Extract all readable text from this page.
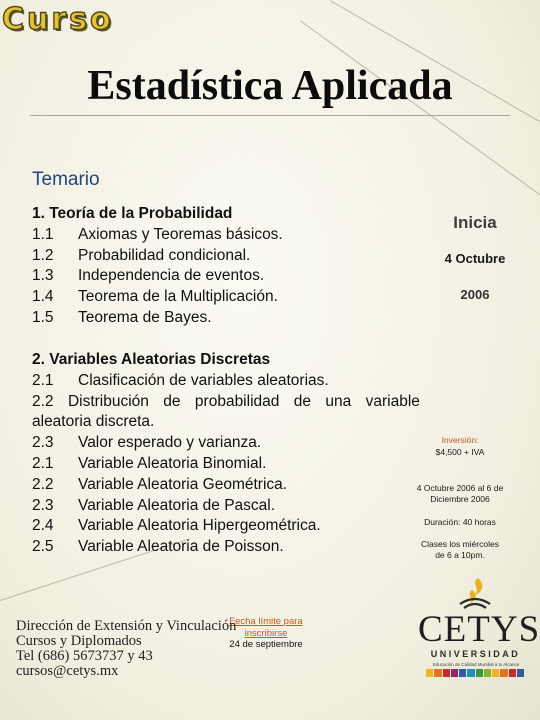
Curso
Estadística Aplicada
Temario
1. Teoría de la Probabilidad
1.1	Axiomas y Teoremas básicos.
1.2	Probabilidad condicional.
1.3	Independencia de eventos.
1.4	Teorema de la Multiplicación.
1.5	Teorema de Bayes.
2. Variables Aleatorias Discretas
2.1	Clasificación de variables aleatorias.
2.2 Distribución de probabilidad de una variable
aleatoria discreta.
2.3	Valor esperado y varianza.
2.1	Variable Aleatoria Binomial.
2.2	Variable Aleatoria Geométrica.
2.3	Variable Aleatoria de Pascal.
2.4	Variable Aleatoria Hipergeométrica.
2.5	Variable Aleatoria de Poisson.
Inicia
4 Octubre
2006
Inversión:
$4,500 + IVA
4 Octubre 2006 al 6 de
Diciembre 2006
Duración: 40 horas
Clases los miércoles
de 6 a 10pm.
Fecha límite para
inscribirse
24 de septiembre
Dirección de Extensión y Vinculación
Cursos y Diplomados
Tel (686) 5673737 y 43
cursos@cetys.mx
CETYS
UNIVERSIDAD
Educación de Calidad Mundial a tu Alcance
